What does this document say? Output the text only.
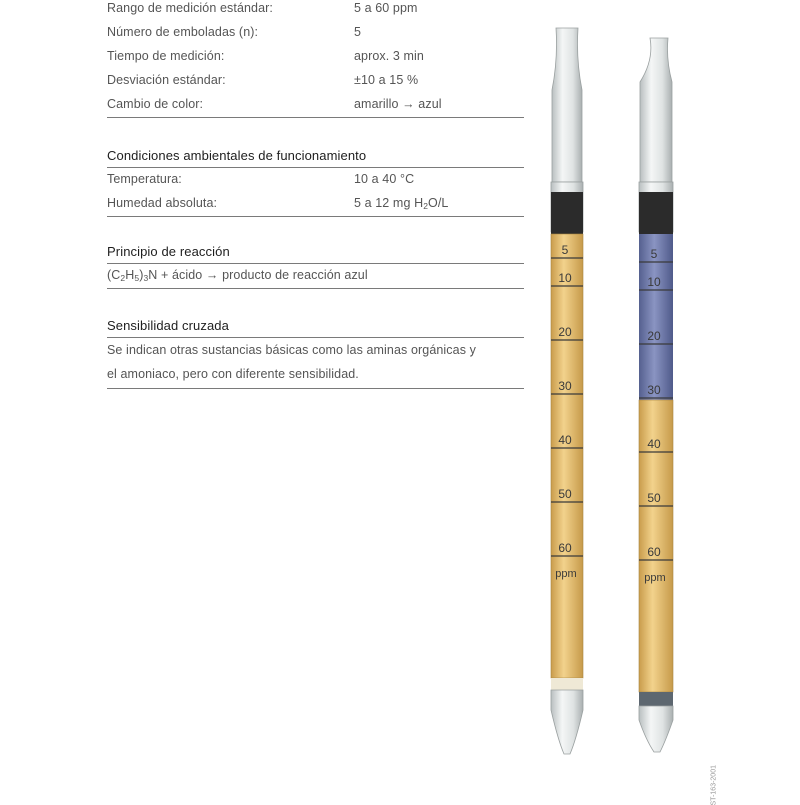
Rango de medición estándar:	5 a 60 ppm
Número de emboladas (n):	5
Tiempo de medición:	aprox. 3 min
Desviación estándar:	±10 a 15 %
Cambio de color:	amarillo → azul
Condiciones ambientales de funcionamiento
Temperatura:	10 a 40 °C
Humedad absoluta:	5 a 12 mg $H_2O/L$
Principio de reacción
$(C_2H_5)_3N$ + ácido → producto de reacción azul
Sensibilidad cruzada
Se indican otras sustancias básicas como las aminas orgánicas y
el amoniaco, pero con diferente sensibilidad.
5
10
20
30
40
50
60
ppm
5
10
20
30
40
50
60
ppm
ST-163-2001
